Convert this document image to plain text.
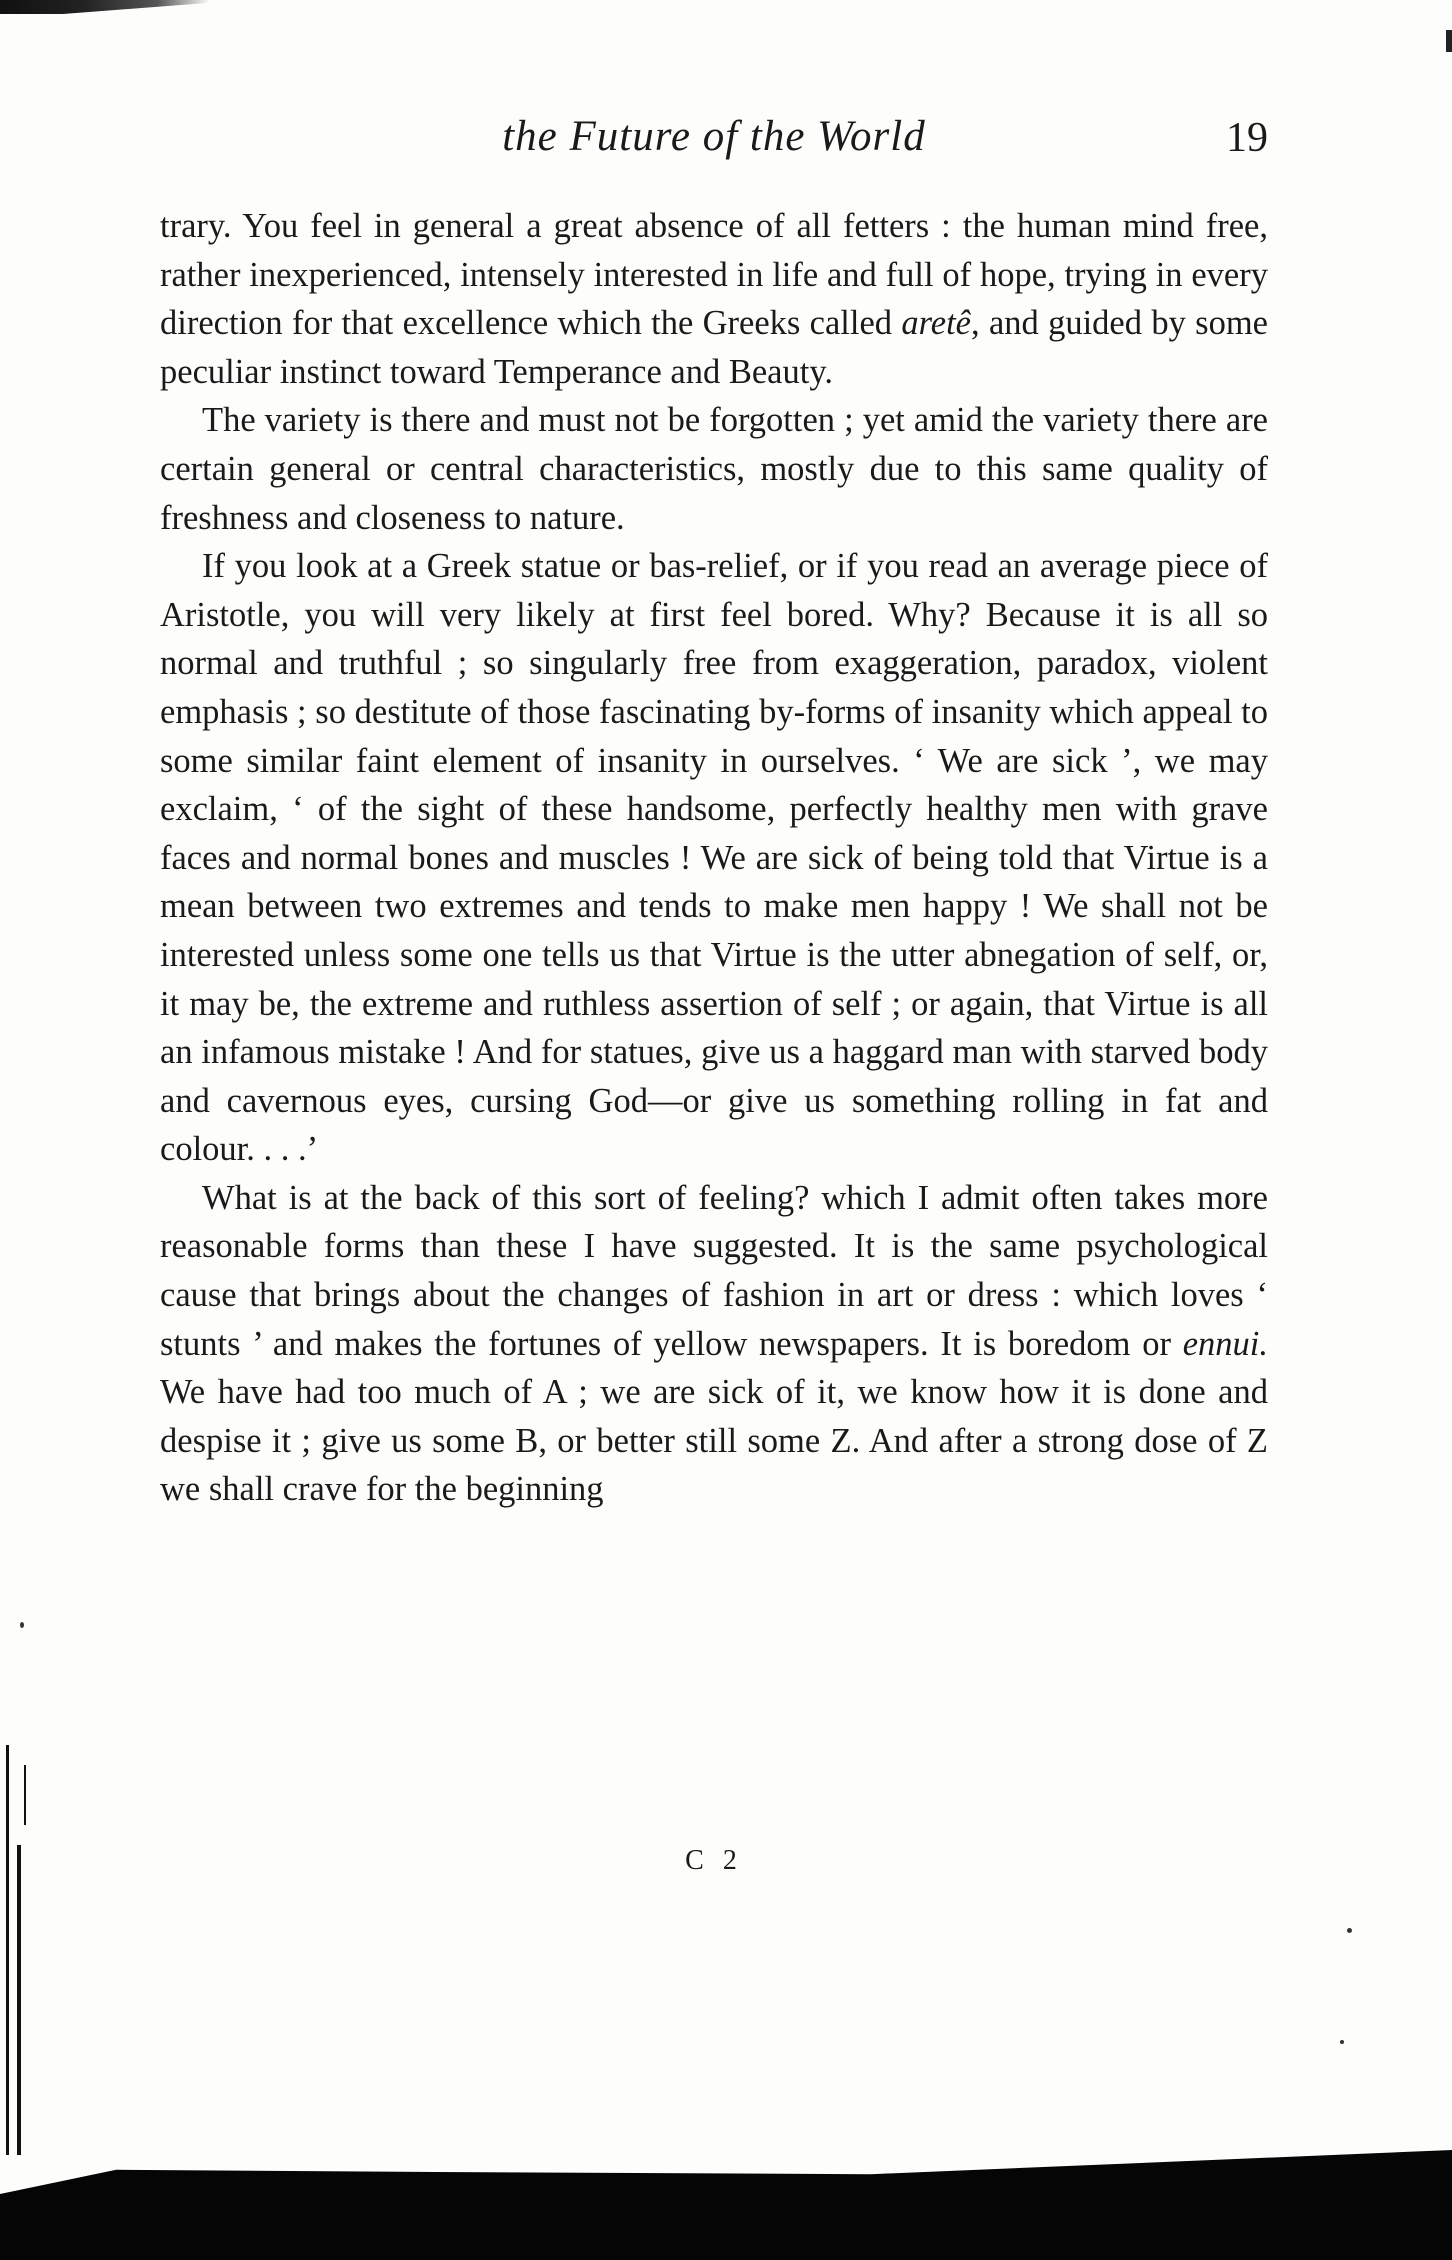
the Future of the World	19

trary. You feel in general a great absence of all fetters : the human mind free, rather inexperienced, intensely interested in life and full of hope, trying in every direction for that excellence which the Greeks called aretê, and guided by some peculiar instinct toward Temperance and Beauty.

The variety is there and must not be forgotten ; yet amid the variety there are certain general or central characteristics, mostly due to this same quality of freshness and closeness to nature.

If you look at a Greek statue or bas-relief, or if you read an average piece of Aristotle, you will very likely at first feel bored. Why? Because it is all so normal and truthful ; so singularly free from exaggeration, paradox, violent emphasis ; so destitute of those fascinating by-forms of insanity which appeal to some similar faint element of insanity in ourselves. ‘ We are sick ’, we may exclaim, ‘ of the sight of these handsome, perfectly healthy men with grave faces and normal bones and muscles ! We are sick of being told that Virtue is a mean between two extremes and tends to make men happy ! We shall not be interested unless some one tells us that Virtue is the utter abnegation of self, or, it may be, the extreme and ruthless assertion of self ; or again, that Virtue is all an infamous mistake ! And for statues, give us a haggard man with starved body and cavernous eyes, cursing God—or give us something rolling in fat and colour. . . .’

What is at the back of this sort of feeling? which I admit often takes more reasonable forms than these I have suggested. It is the same psychological cause that brings about the changes of fashion in art or dress : which loves ‘ stunts ’ and makes the fortunes of yellow newspapers. It is boredom or ennui. We have had too much of A ; we are sick of it, we know how it is done and despise it ; give us some B, or better still some Z. And after a strong dose of Z we shall crave for the beginning

C 2
